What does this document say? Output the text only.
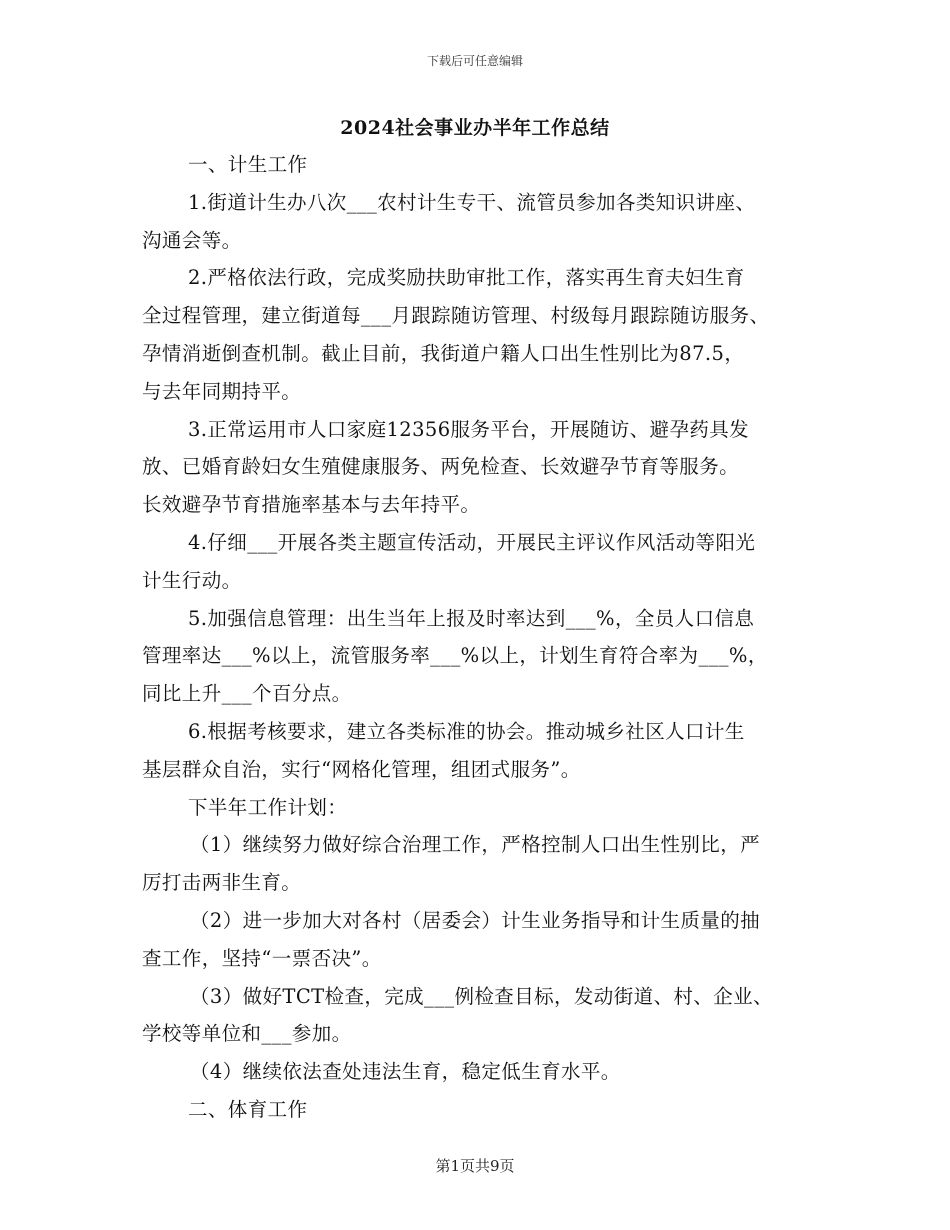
下载后可任意编辑
2024社会事业办半年工作总结
一、计生工作
1.街道计生办八次___农村计生专干、流管员参加各类知识讲座、
沟通会等。
2.严格依法行政，完成奖励扶助审批工作，落实再生育夫妇生育
全过程管理，建立街道每___月跟踪随访管理、村级每月跟踪随访服务、
孕情消逝倒查机制。截止目前，我街道户籍人口出生性别比为87.5，
与去年同期持平。
3.正常运用市人口家庭12356服务平台，开展随访、避孕药具发
放、已婚育龄妇女生殖健康服务、两免检查、长效避孕节育等服务。
长效避孕节育措施率基本与去年持平。
4.仔细___开展各类主题宣传活动，开展民主评议作风活动等阳光
计生行动。
5.加强信息管理：出生当年上报及时率达到___%，全员人口信息
管理率达___%以上，流管服务率___%以上，计划生育符合率为___%，
同比上升___个百分点。
6.根据考核要求，建立各类标准的协会。推动城乡社区人口计生
基层群众自治，实行“网格化管理，组团式服务”。
下半年工作计划：
（1）继续努力做好综合治理工作，严格控制人口出生性别比，严
厉打击两非生育。
（2）进一步加大对各村（居委会）计生业务指导和计生质量的抽
查工作，坚持“一票否决”。
（3）做好TCT检查，完成___例检查目标，发动街道、村、企业、
学校等单位和___参加。
（4）继续依法查处违法生育，稳定低生育水平。
二、体育工作
第1页共9页
